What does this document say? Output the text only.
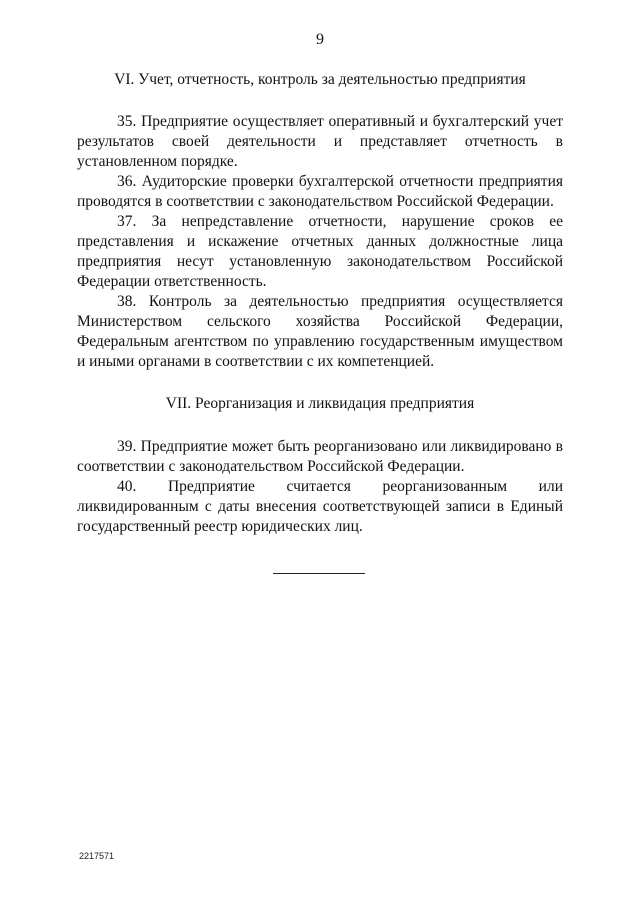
9
VI. Учет, отчетность, контроль за деятельностью предприятия

35. Предприятие осуществляет оперативный и бухгалтерский учет результатов своей деятельности и представляет отчетность в установленном порядке.

36. Аудиторские проверки бухгалтерской отчетности предприятия проводятся в соответствии с законодательством Российской Федерации.

37. За непредставление отчетности, нарушение сроков ее представления и искажение отчетных данных должностные лица предприятия несут установленную законодательством Российской Федерации ответственность.

38. Контроль за деятельностью предприятия осуществляется Министерством сельского хозяйства Российской Федерации, Федеральным агентством по управлению государственным имуществом и иными органами в соответствии с их компетенцией.

VII. Реорганизация и ликвидация предприятия

39. Предприятие может быть реорганизовано или ликвидировано в соответствии с законодательством Российской Федерации.

40. Предприятие считается реорганизованным или ликвидированным с даты внесения соответствующей записи в Единый государственный реестр юридических лиц.

2217571
